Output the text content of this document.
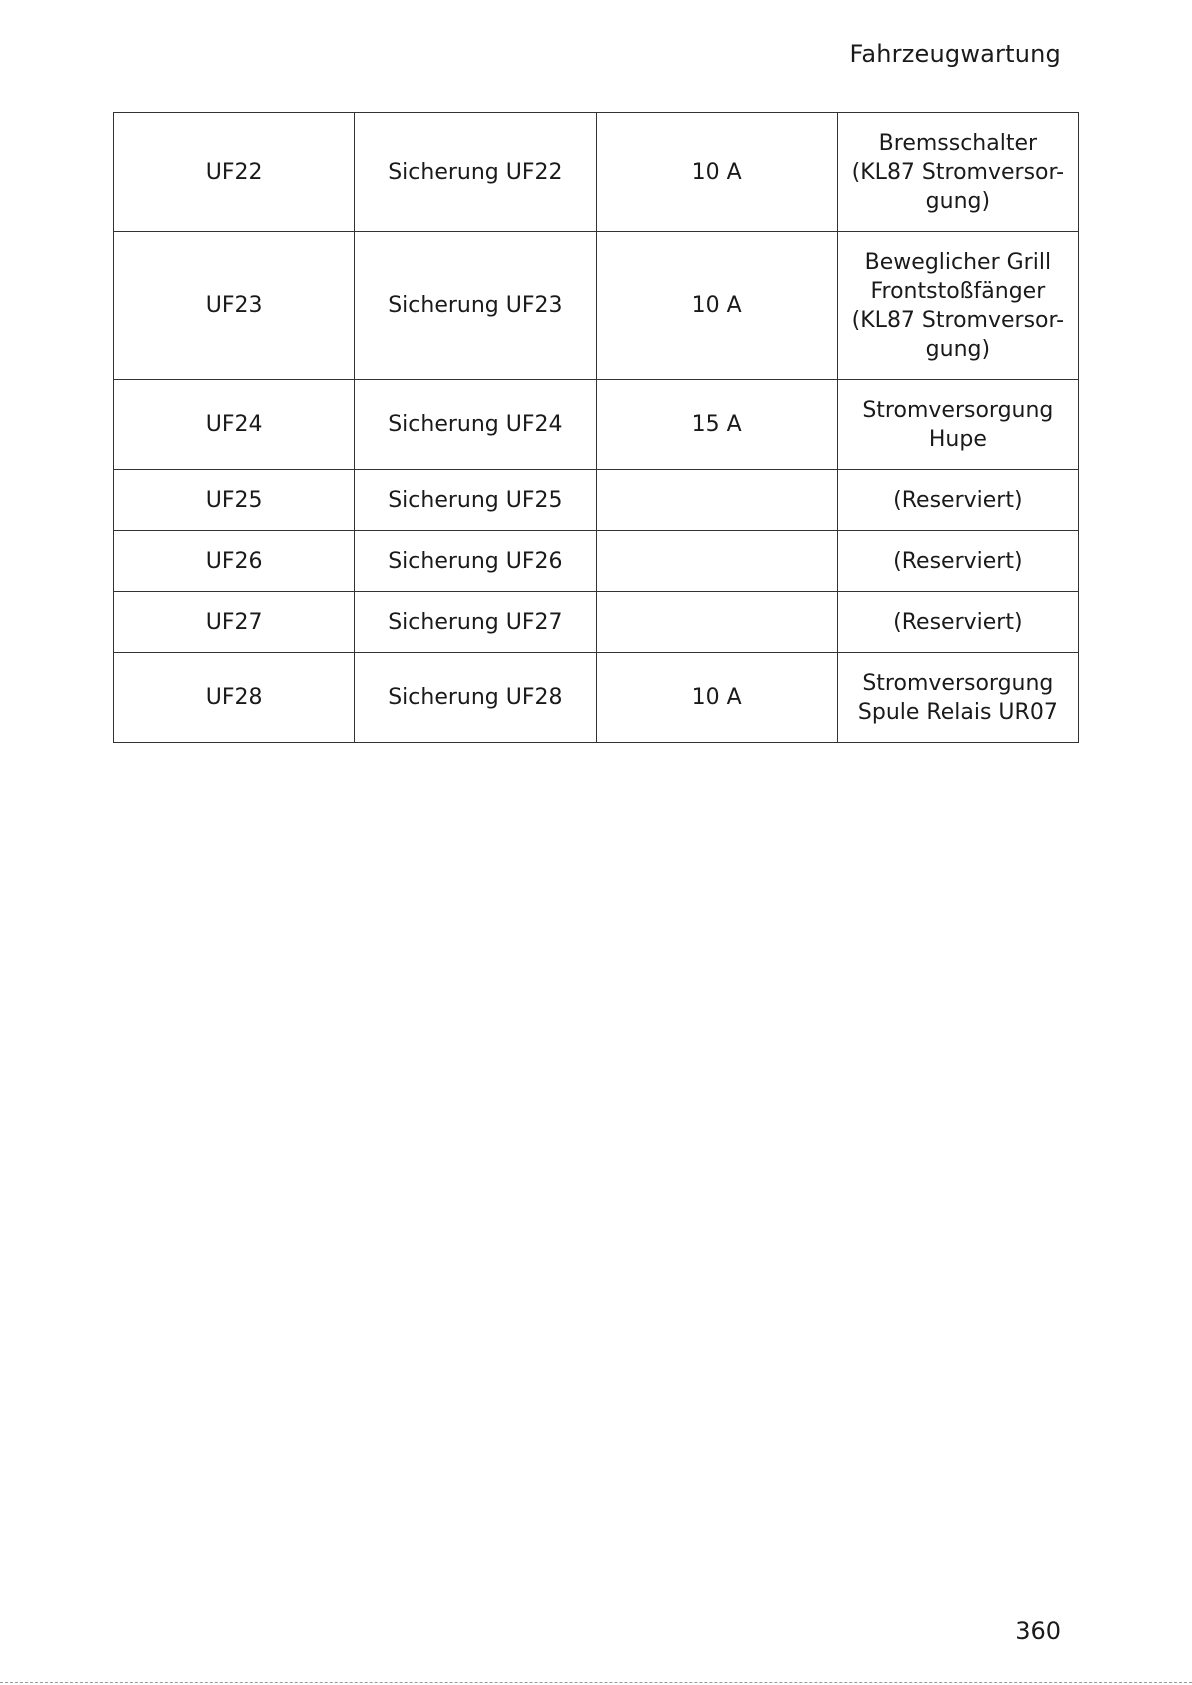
Fahrzeugwartung
UF22	Sicherung UF22	10 A	Bremsschalter
(KL87 Stromversor-
gung)

UF23	Sicherung UF23	10 A	Beweglicher Grill
Frontstoßfänger
(KL87 Stromversor-
gung)

UF24	Sicherung UF24	15 A	Stromversorgung
Hupe

UF25	Sicherung UF25		(Reserviert)

UF26	Sicherung UF26		(Reserviert)

UF27	Sicherung UF27		(Reserviert)

UF28	Sicherung UF28	10 A	Stromversorgung
Spule Relais UR07
360
